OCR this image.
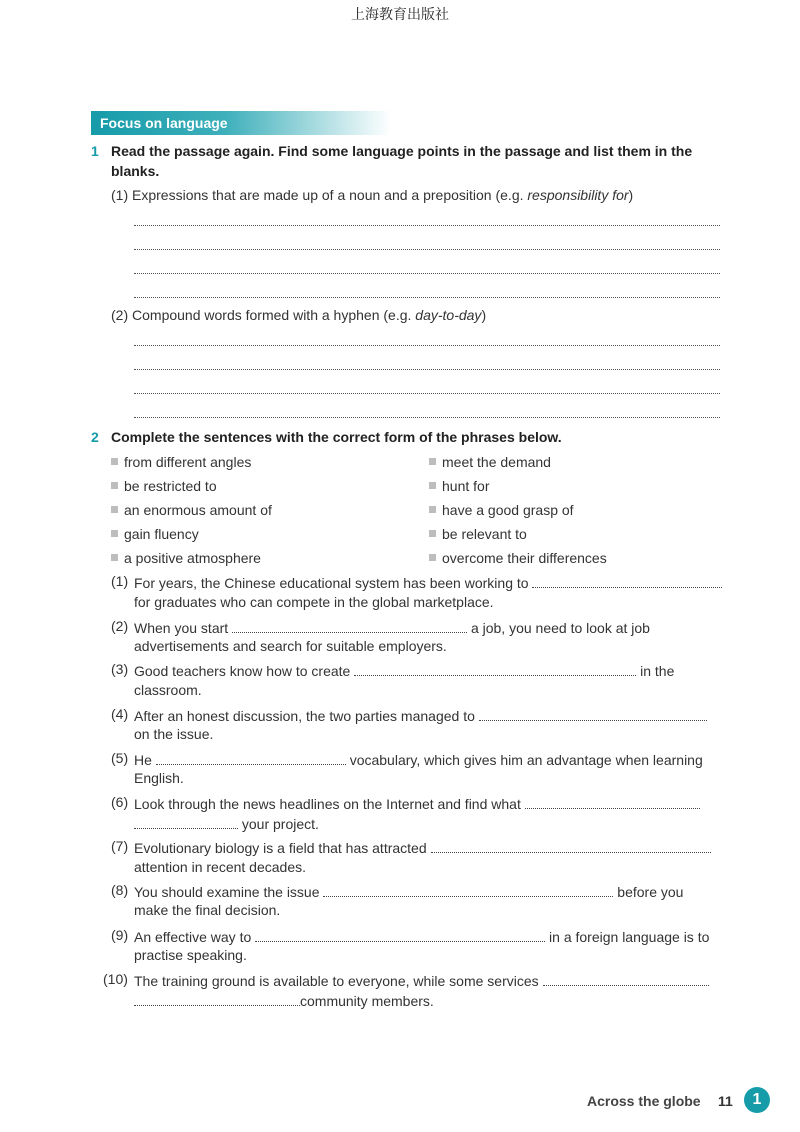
上海教育出版社
Focus on language
1 Read the passage again. Find some language points in the passage and list them in the
blanks.
(1) Expressions that are made up of a noun and a preposition (e.g. responsibility for)
(2) Compound words formed with a hyphen (e.g. day-to-day)
2 Complete the sentences with the correct form of the phrases below.
from different angles	meet the demand
be restricted to	hunt for
an enormous amount of	have a good grasp of
gain fluency	be relevant to
a positive atmosphere	overcome their differences
(1) For years, the Chinese educational system has been working to
for graduates who can compete in the global marketplace.
(2) When you start	a job, you need to look at job
advertisements and search for suitable employers.
(3) Good teachers know how to create	in the
classroom.
(4) After an honest discussion, the two parties managed to
on the issue.
(5) He	vocabulary, which gives him an advantage when learning
English.
(6) Look through the news headlines on the Internet and find what
your project.
(7) Evolutionary biology is a field that has attracted
attention in recent decades.
(8) You should examine the issue	before you
make the final decision.
(9) An effective way to	in a foreign language is to
practise speaking.
(10) The training ground is available to everyone, while some services
community members.
Across the globe 11	1
